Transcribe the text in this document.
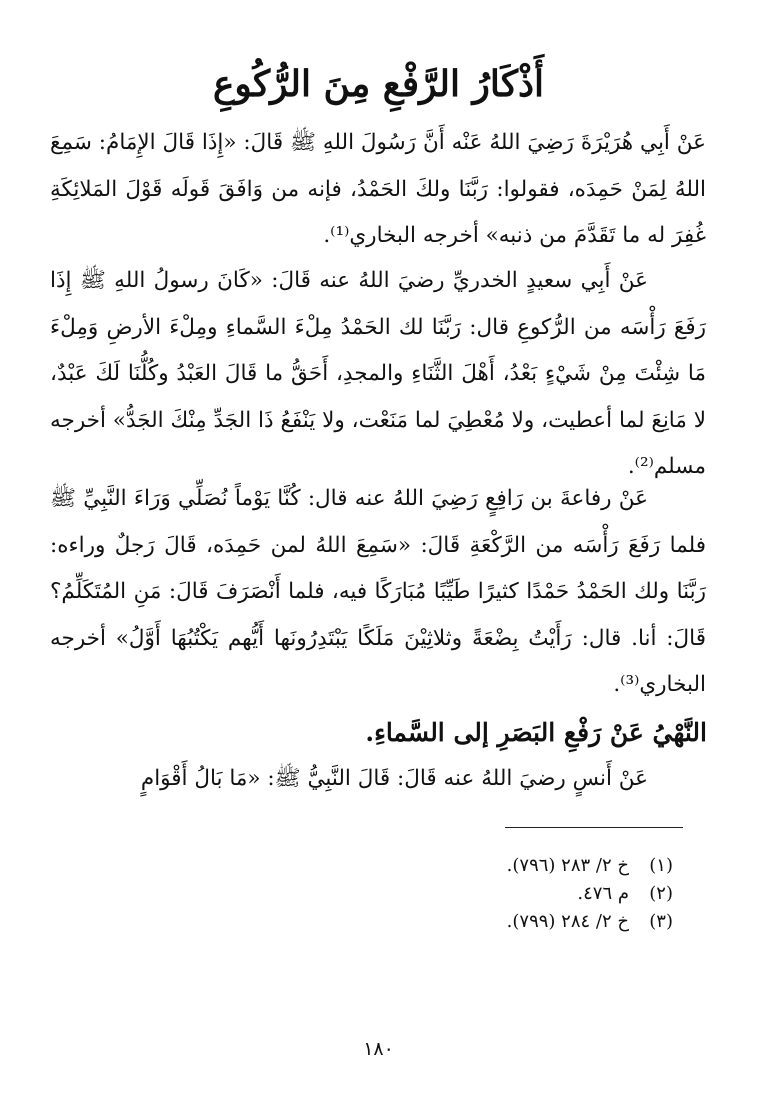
أَذْكَارُ الرَّفْعِ مِنَ الرُّكُوعِ
عَنْ أَبِي هُرَيْرَةَ رَضِيَ اللهُ عَنْه أَنَّ رَسُولَ اللهِ ﷺ قَالَ: «إِذَا قَالَ الإِمَامُ: سَمِعَ اللهُ لِمَنْ حَمِدَه، فقولوا: رَبَّنَا ولكَ الحَمْدُ، فإنه من وَافَقَ قَولَه قَوْلَ المَلائِكَةِ غُفِرَ له ما تَقَدَّمَ من ذنبه» أخرجه البخاري⁽¹⁾.
عَنْ أَبِي سعيدٍ الخدريِّ رضيَ اللهُ عنه قَالَ: «كَانَ رسولُ اللهِ ﷺ إِذَا رَفَعَ رَأْسَه من الرُّكوعِ قال: رَبَّنَا لك الحَمْدُ مِلْءَ السَّماءِ ومِلْءَ الأرضِ وَمِلْءَ مَا شِئْتَ مِنْ شَيْءٍ بَعْدُ، أَهْلَ الثَّنَاءِ والمجدِ، أَحَقُّ ما قَالَ العَبْدُ وكُلُّنَا لَكَ عَبْدٌ، لا مَانِعَ لما أعطيت، ولا مُعْطِيَ لما مَنَعْت، ولا يَنْفَعُ ذَا الجَدِّ مِنْكَ الجَدُّ» أخرجه مسلم⁽²⁾.
عَنْ رفاعةَ بن رَافِعٍ رَضِيَ اللهُ عنه قال: كُنَّا يَوْماً نُصَلِّي وَرَاءَ النَّبِيِّ ﷺ فلما رَفَعَ رَأْسَه من الرَّكْعَةِ قَالَ: «سَمِعَ اللهُ لمن حَمِدَه، قَالَ رَجلٌ وراءه: رَبَّنَا ولك الحَمْدُ حَمْدًا كثيرًا طَيِّبًا مُبَارَكًا فيه، فلما أَنْصَرَفَ قَالَ: مَنِ المُتَكَلِّمُ؟ قَالَ: أنا. قال: رَأَيْتُ بِضْعَةً وثلاثِيْنَ مَلَكًا يَبْتَدِرُونَها أَيُّهم يَكْتُبُهَا أَوَّلُ» أخرجه البخاري⁽³⁾.
النَّهْيُ عَنْ رَفْعِ البَصَرِ إلى السَّماءِ.
عَنْ أَنسٍ رضيَ اللهُ عنه قَالَ: قَالَ النَّبِيُّ ﷺ: «مَا بَالُ أَقْوَامٍ
(١)خ ٢/ ٢٨٣ (٧٩٦).
(٢)م ٤٧٦.
(٣)خ ٢/ ٢٨٤ (٧٩٩).
١٨٠
